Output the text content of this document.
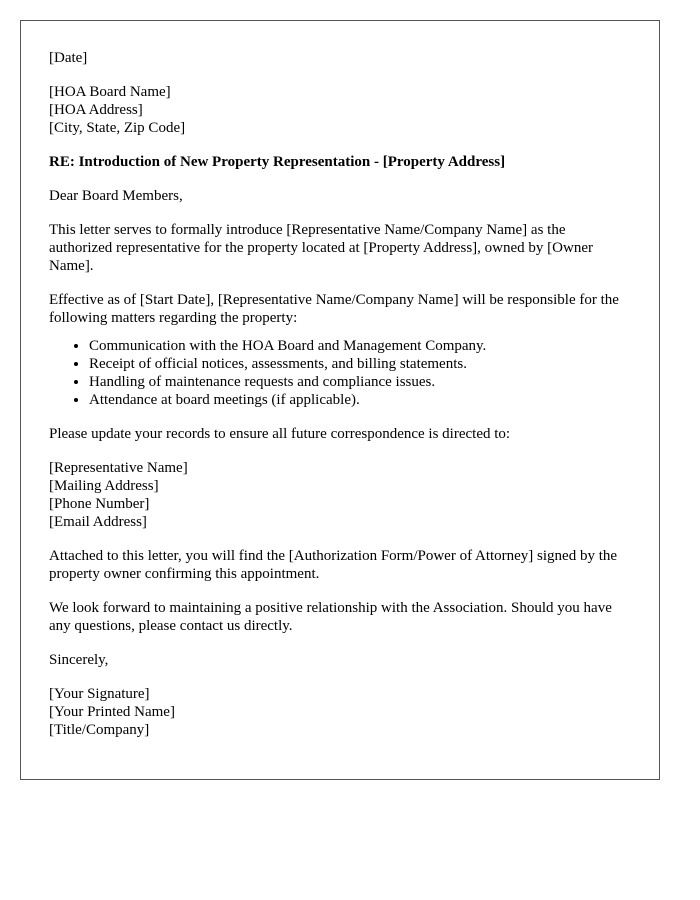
[Date]

[HOA Board Name]
[HOA Address]
[City, State, Zip Code]

RE: Introduction of New Property Representation - [Property Address]

Dear Board Members,

This letter serves to formally introduce [Representative Name/Company Name] as the authorized representative for the property located at [Property Address], owned by [Owner Name].

Effective as of [Start Date], [Representative Name/Company Name] will be responsible for the following matters regarding the property:

• Communication with the HOA Board and Management Company.
• Receipt of official notices, assessments, and billing statements.
• Handling of maintenance requests and compliance issues.
• Attendance at board meetings (if applicable).

Please update your records to ensure all future correspondence is directed to:

[Representative Name]
[Mailing Address]
[Phone Number]
[Email Address]

Attached to this letter, you will find the [Authorization Form/Power of Attorney] signed by the property owner confirming this appointment.

We look forward to maintaining a positive relationship with the Association. Should you have any questions, please contact us directly.

Sincerely,

[Your Signature]
[Your Printed Name]
[Title/Company]
